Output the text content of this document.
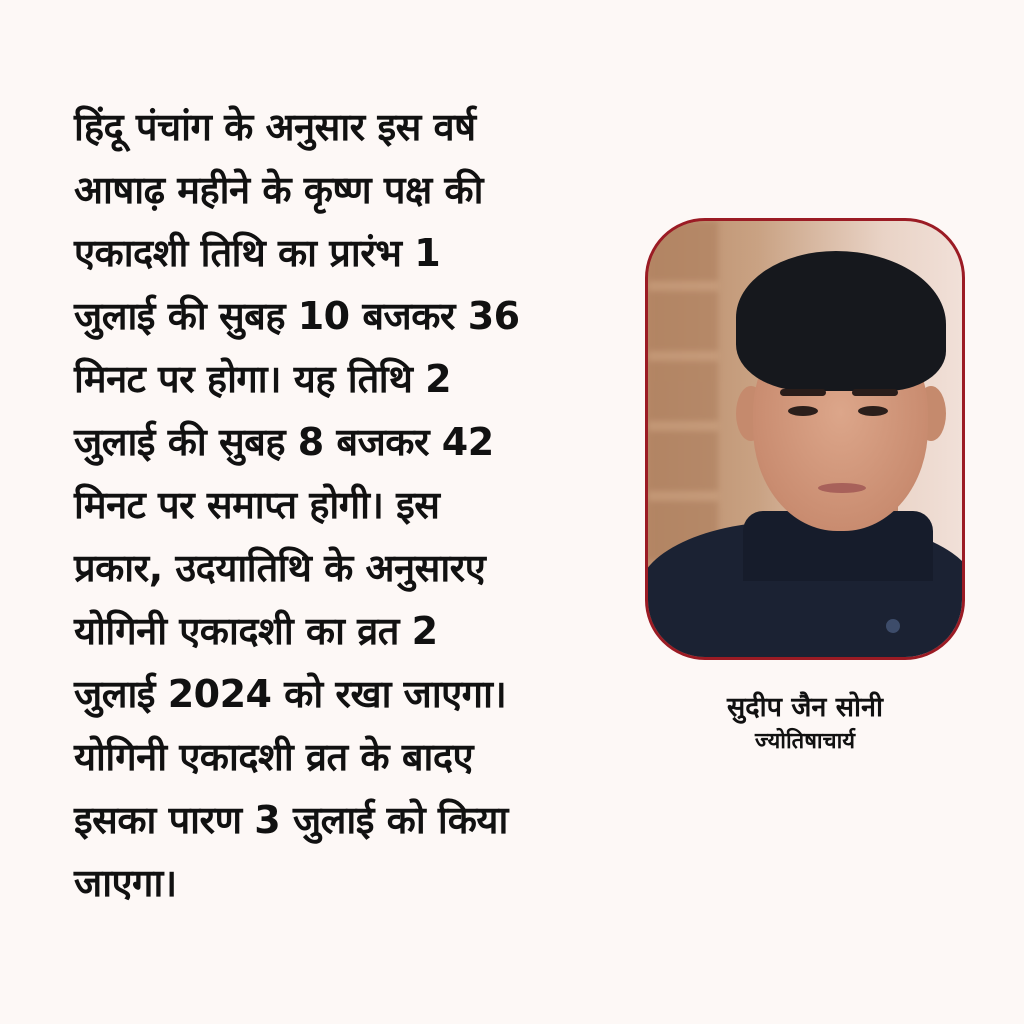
हिंदू पंचांग के अनुसार इस वर्ष
आषाढ़ महीने के कृष्ण पक्ष की
एकादशी तिथि का प्रारंभ 1
जुलाई की सुबह 10 बजकर 36
मिनट पर होगा। यह तिथि 2
जुलाई की सुबह 8 बजकर 42
मिनट पर समाप्त होगी। इस
प्रकार, उदयातिथि के अनुसारए
योगिनी एकादशी का व्रत 2
जुलाई 2024 को रखा जाएगा।
योगिनी एकादशी व्रत के बादए
इसका पारण 3 जुलाई को किया
जाएगा।
सुदीप जैन सोनी
ज्योतिषाचार्य
